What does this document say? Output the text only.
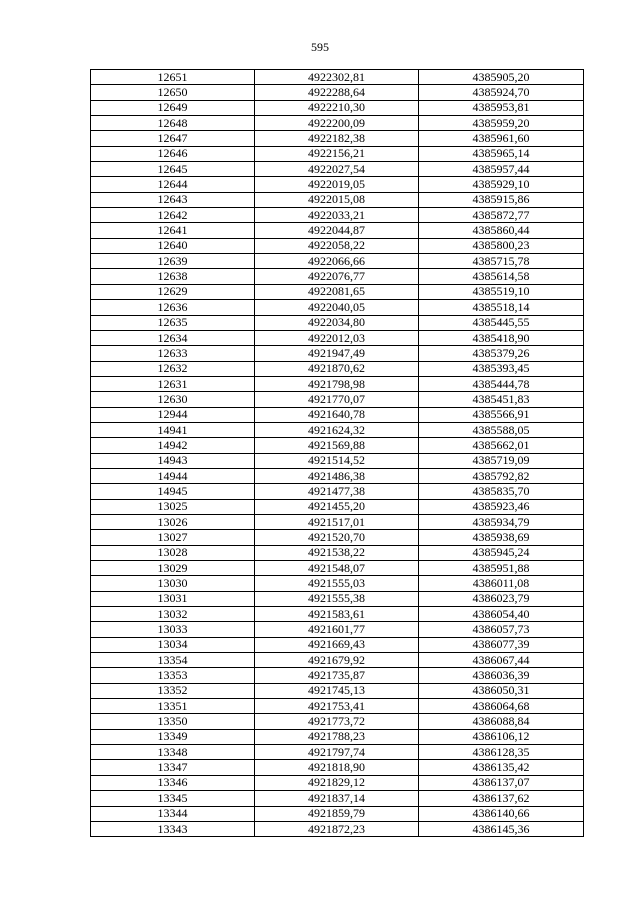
595
12651	4922302,81	4385905,20
12650	4922288,64	4385924,70
12649	4922210,30	4385953,81
12648	4922200,09	4385959,20
12647	4922182,38	4385961,60
12646	4922156,21	4385965,14
12645	4922027,54	4385957,44
12644	4922019,05	4385929,10
12643	4922015,08	4385915,86
12642	4922033,21	4385872,77
12641	4922044,87	4385860,44
12640	4922058,22	4385800,23
12639	4922066,66	4385715,78
12638	4922076,77	4385614,58
12629	4922081,65	4385519,10
12636	4922040,05	4385518,14
12635	4922034,80	4385445,55
12634	4922012,03	4385418,90
12633	4921947,49	4385379,26
12632	4921870,62	4385393,45
12631	4921798,98	4385444,78
12630	4921770,07	4385451,83
12944	4921640,78	4385566,91
14941	4921624,32	4385588,05
14942	4921569,88	4385662,01
14943	4921514,52	4385719,09
14944	4921486,38	4385792,82
14945	4921477,38	4385835,70
13025	4921455,20	4385923,46
13026	4921517,01	4385934,79
13027	4921520,70	4385938,69
13028	4921538,22	4385945,24
13029	4921548,07	4385951,88
13030	4921555,03	4386011,08
13031	4921555,38	4386023,79
13032	4921583,61	4386054,40
13033	4921601,77	4386057,73
13034	4921669,43	4386077,39
13354	4921679,92	4386067,44
13353	4921735,87	4386036,39
13352	4921745,13	4386050,31
13351	4921753,41	4386064,68
13350	4921773,72	4386088,84
13349	4921788,23	4386106,12
13348	4921797,74	4386128,35
13347	4921818,90	4386135,42
13346	4921829,12	4386137,07
13345	4921837,14	4386137,62
13344	4921859,79	4386140,66
13343	4921872,23	4386145,36
